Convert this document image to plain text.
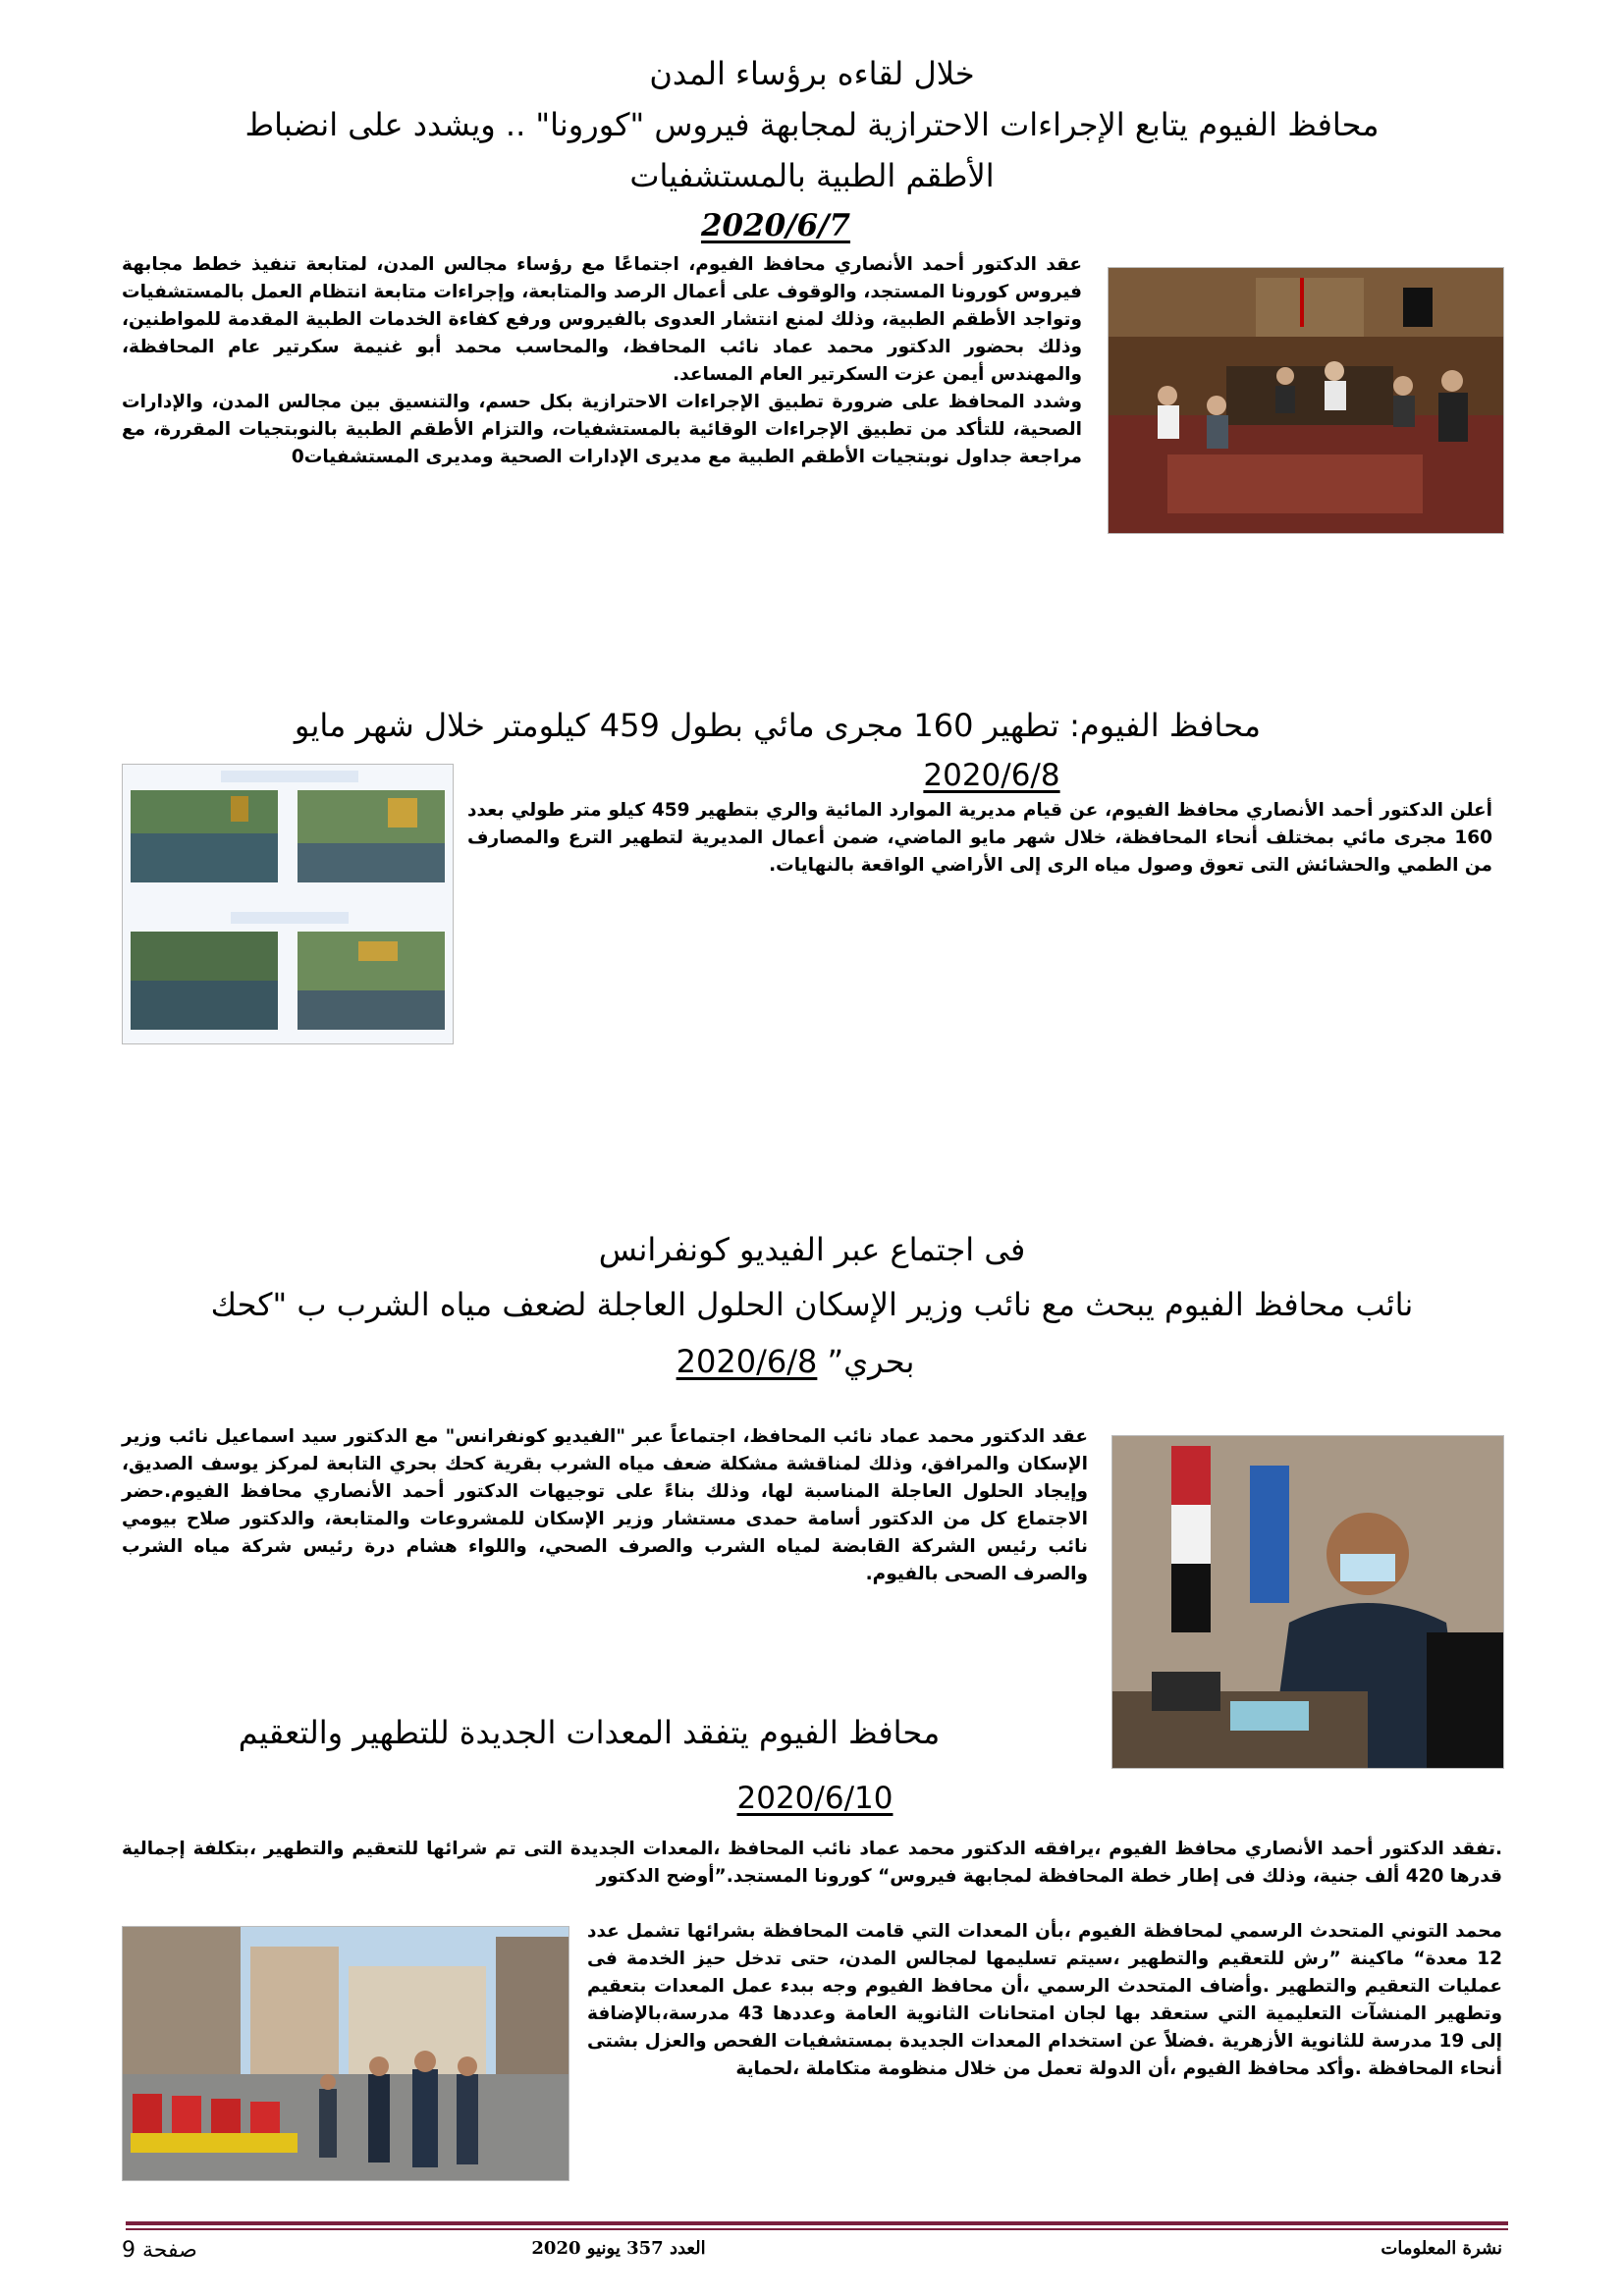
خلال لقاءه برؤساء المدن
محافظ الفيوم يتابع الإجراءات الاحترازية لمجابهة فيروس "كورونا" .. ويشدد على انضباط
الأطقم الطبية بالمستشفيات
2020/6/7

عقد الدكتور أحمد الأنصاري محافظ الفيوم، اجتماعًا مع رؤساء مجالس المدن، لمتابعة تنفيذ خطط مجابهة فيروس كورونا المستجد، والوقوف على أعمال الرصد والمتابعة، وإجراءات متابعة انتظام العمل بالمستشفيات وتواجد الأطقم الطبية، وذلك لمنع انتشار العدوى بالفيروس ورفع كفاءة الخدمات الطبية المقدمة للمواطنين، وذلك بحضور الدكتور محمد عماد نائب المحافظ، والمحاسب محمد أبو غنيمة سكرتير عام المحافظة، والمهندس أيمن عزت السكرتير العام المساعد.

وشدد المحافظ على ضرورة تطبيق الإجراءات الاحترازية بكل حسم، والتنسيق بين مجالس المدن، والإدارات الصحية، للتأكد من تطبيق الإجراءات الوقائية بالمستشفيات، والتزام الأطقم الطبية بالنوبتجيات المقررة، مع مراجعة جداول نوبتجيات الأطقم الطبية مع مديرى الإدارات الصحية ومديرى المستشفيات0

محافظ الفيوم: تطهير 160 مجرى مائي بطول 459 كيلومتر خلال شهر مايو
2020/6/8

أعلن الدكتور أحمد الأنصاري محافظ الفيوم، عن قيام مديرية الموارد المائية والري بتطهير 459 كيلو متر طولي بعدد 160 مجرى مائي بمختلف أنحاء المحافظة، خلال شهر مايو الماضي، ضمن أعمال المديرية لتطهير الترع والمصارف من الطمي والحشائش التى تعوق وصول مياه الرى إلى الأراضي الواقعة بالنهايات.

فى اجتماع عبر الفيديو كونفرانس
نائب محافظ الفيوم يبحث مع نائب وزير الإسكان الحلول العاجلة لضعف مياه الشرب ب "كحك
بحري” 2020/6/8

عقد الدكتور محمد عماد نائب المحافظ، اجتماعاً عبر "الفيديو كونفرانس" مع الدكتور سيد اسماعيل نائب وزير الإسكان والمرافق، وذلك لمناقشة مشكلة ضعف مياه الشرب بقرية كحك بحري التابعة لمركز يوسف الصديق، وإيجاد الحلول العاجلة المناسبة لها، وذلك بناءً على توجيهات الدكتور أحمد الأنصاري محافظ الفيوم.حضر الاجتماع كل من الدكتور أسامة حمدى مستشار وزير الإسكان للمشروعات والمتابعة، والدكتور صلاح بيومي نائب رئيس الشركة القابضة لمياه الشرب والصرف الصحي، واللواء هشام درة رئيس شركة مياه الشرب والصرف الصحى بالفيوم.

محافظ الفيوم يتفقد المعدات الجديدة للتطهير والتعقيم
2020/6/10

.تفقد الدكتور أحمد الأنصاري محافظ الفيوم ،يرافقه الدكتور محمد عماد نائب المحافظ ،المعدات الجديدة التى تم شرائها للتعقيم والتطهير ،بتكلفة إجمالية قدرها 420 ألف جنية، وذلك فى إطار خطة المحافظة لمجابهة فيروس“ كورونا المستجد.”أوضح الدكتور

محمد التوني المتحدث الرسمي لمحافظة الفيوم ،بأن المعدات التي قامت المحافظة بشرائها تشمل عدد 12 معدة“ ماكينة ”رش للتعقيم والتطهير ،سيتم تسليمها لمجالس المدن، حتى تدخل حيز الخدمة فى عمليات التعقيم والتطهير .وأضاف المتحدث الرسمي ،أن محافظ الفيوم وجه ببدء عمل المعدات بتعقيم وتطهير المنشآت التعليمية التي ستعقد بها لجان امتحانات الثانوية العامة وعددها 43 مدرسة،بالإضافة إلى 19 مدرسة للثانوية الأزهرية .فضلاً عن استخدام المعدات الجديدة بمستشفيات الفحص والعزل بشتى أنحاء المحافظة .وأكد محافظ الفيوم ،أن الدولة تعمل من خلال منظومة متكاملة ،لحماية

نشرة المعلومات
العدد 357 يونيو 2020
صفحة 9
